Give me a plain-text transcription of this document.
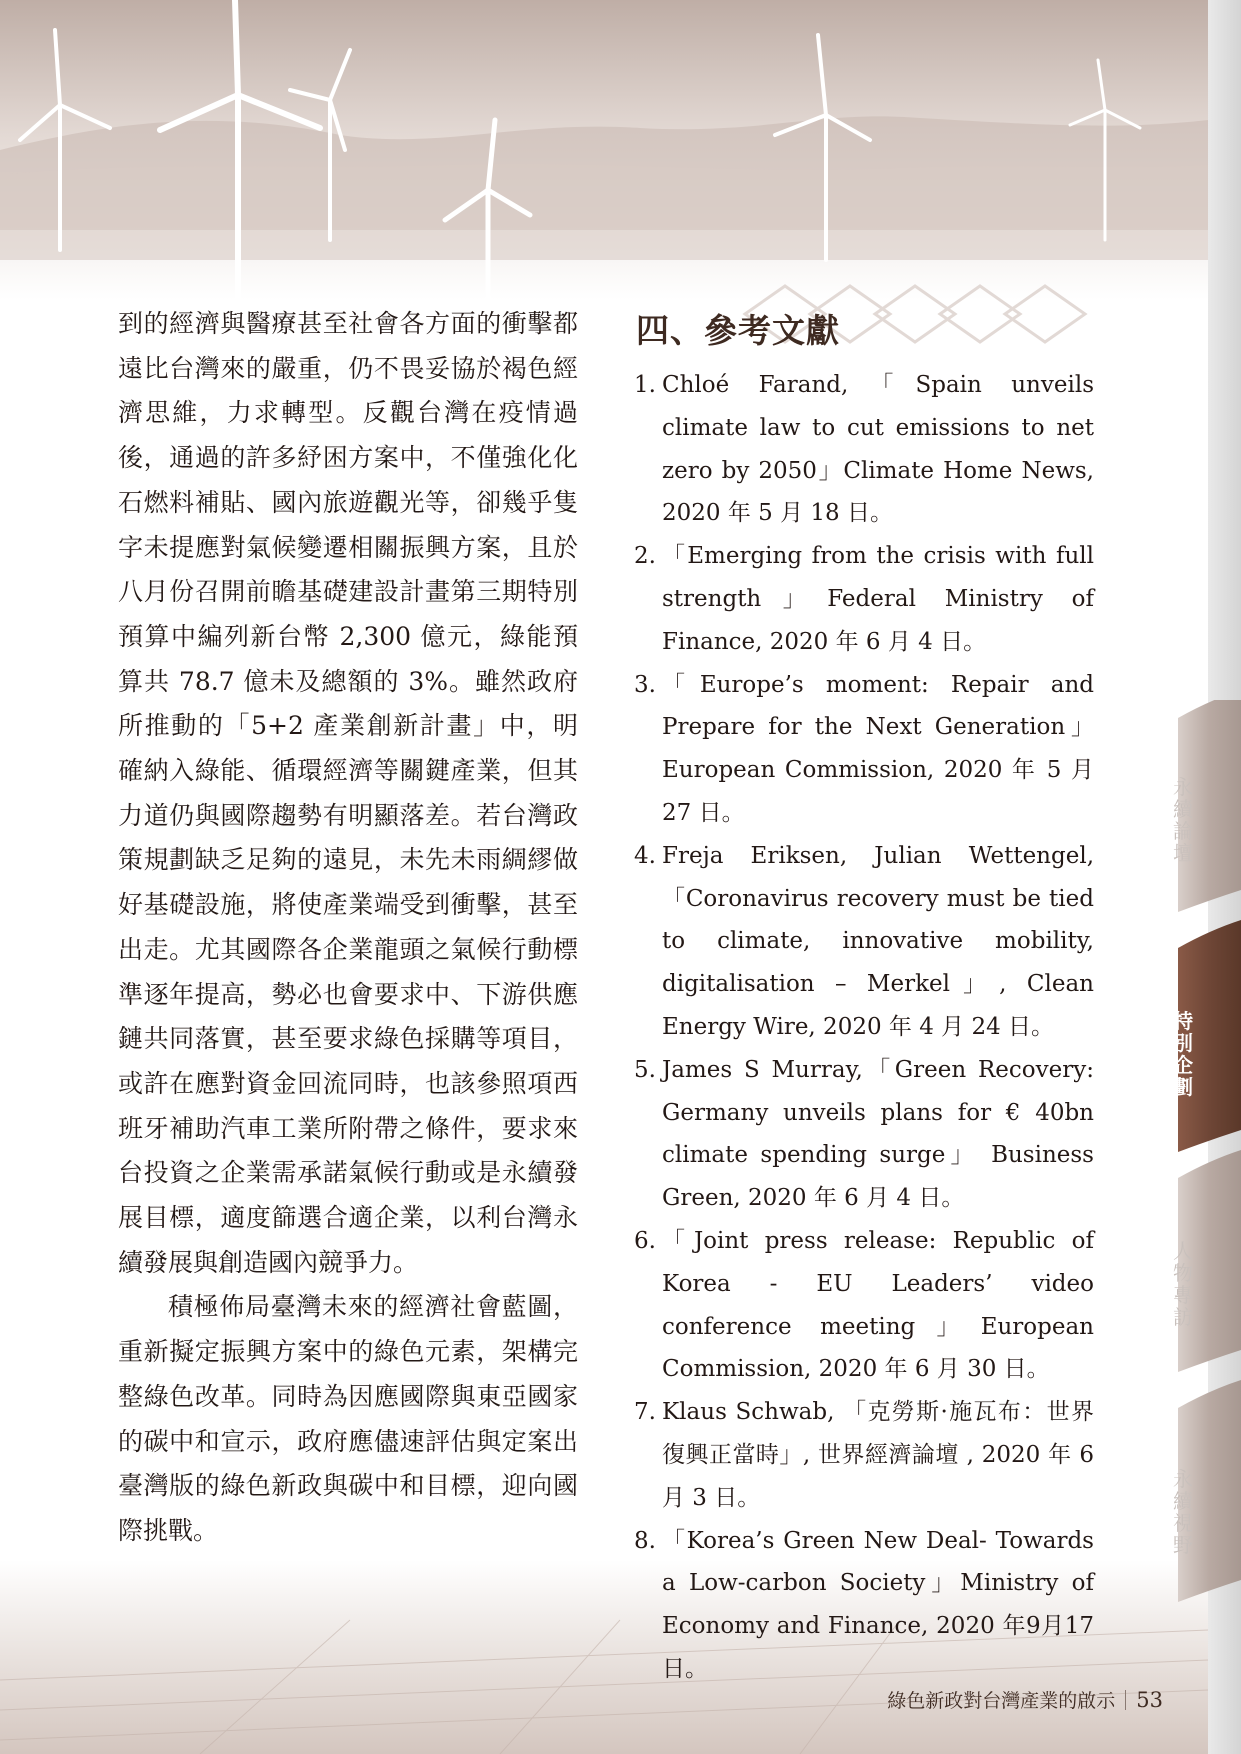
到的經濟與醫療甚至社會各方面的衝擊都遠比台灣來的嚴重，仍不畏妥協於褐色經濟思維，力求轉型。反觀台灣在疫情過後，通過的許多紓困方案中，不僅強化化石燃料補貼、國內旅遊觀光等，卻幾乎隻字未提應對氣候變遷相關振興方案，且於八月份召開前瞻基礎建設計畫第三期特別預算中編列新台幣 2,300 億元，綠能預算共 78.7 億未及總額的 3%。雖然政府所推動的「5+2 產業創新計畫」中，明確納入綠能、循環經濟等關鍵產業，但其力道仍與國際趨勢有明顯落差。若台灣政策規劃缺乏足夠的遠見，未先未雨綢繆做好基礎設施，將使產業端受到衝擊，甚至出走。尤其國際各企業龍頭之氣候行動標準逐年提高，勢必也會要求中、下游供應鏈共同落實，甚至要求綠色採購等項目，或許在應對資金回流同時，也該參照項西班牙補助汽車工業所附帶之條件，要求來台投資之企業需承諾氣候行動或是永續發展目標，適度篩選合適企業，以利台灣永續發展與創造國內競爭力。

積極佈局臺灣未來的經濟社會藍圖，重新擬定振興方案中的綠色元素，架構完整綠色改革。同時為因應國際與東亞國家的碳中和宣示，政府應儘速評估與定案出臺灣版的綠色新政與碳中和目標，迎向國際挑戰。

四、參考文獻
1. Chloé Farand,「Spain unveils climate law to cut emissions to net zero by 2050」Climate Home News, 2020 年 5 月 18 日。
2. 「Emerging from the crisis with full strength」Federal Ministry of Finance, 2020 年 6 月 4 日。
3. 「Europe’s moment: Repair and Prepare for the Next Generation」 European Commission, 2020 年 5 月 27 日。
4. Freja Eriksen, Julian Wettengel,「Coronavirus recovery must be tied to climate, innovative mobility, digitalisation – Merkel」, Clean Energy Wire, 2020 年 4 月 24 日。
5. James S Murray,「Green Recovery: Germany unveils plans for € 40bn climate spending surge」 Business Green, 2020 年 6 月 4 日。
6. 「Joint press release: Republic of Korea - EU Leaders’ video conference meeting」European Commission, 2020 年 6 月 30 日。
7. Klaus Schwab, 「克勞斯·施瓦布：世界復興正當時」, 世界經濟論壇 , 2020 年 6 月 3 日。
8. 「Korea’s Green New Deal- Towards a Low-carbon Society」Ministry of Economy and Finance, 2020 年9月17日。
永續論壇
特別企劃
人物專訪
永續視野
綠色新政對台灣產業的啟示 53
